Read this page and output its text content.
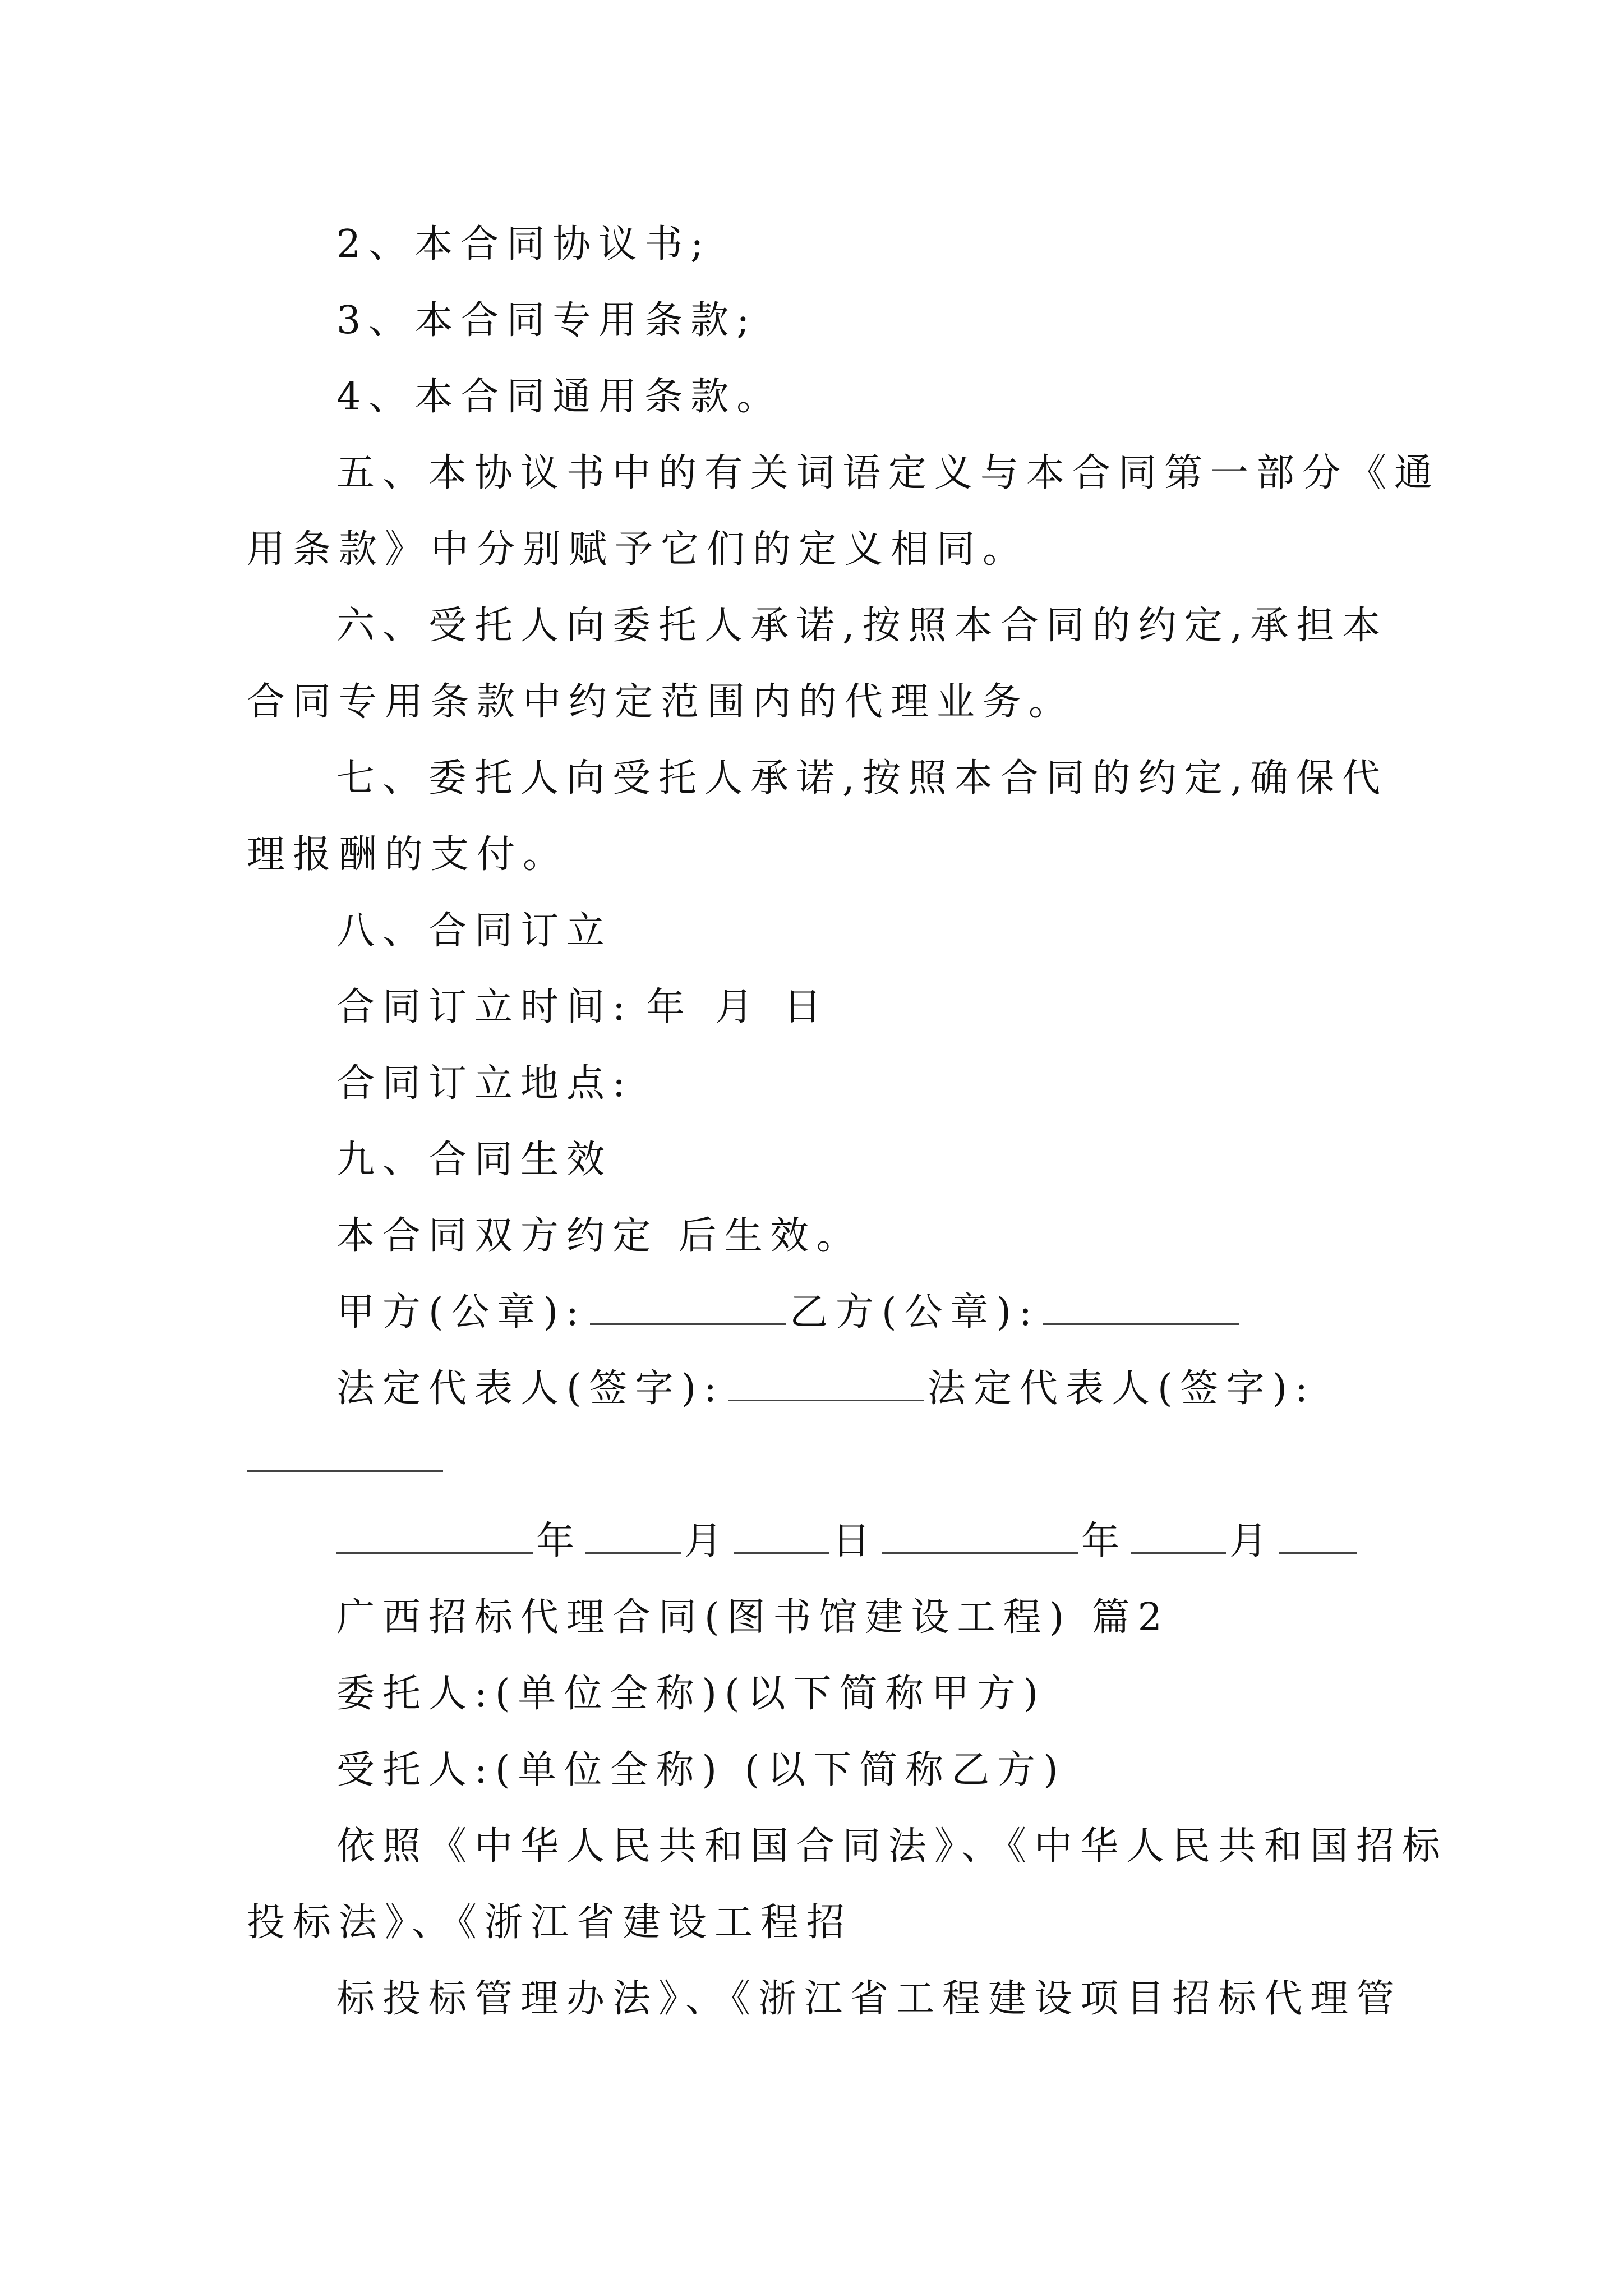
2、本合同协议书;
3、本合同专用条款;
4、本合同通用条款。
五、本协议书中的有关词语定义与本合同第一部分《通
用条款》中分别赋予它们的定义相同。
六、受托人向委托人承诺,按照本合同的约定,承担本
合同专用条款中约定范围内的代理业务。
七、委托人向受托人承诺,按照本合同的约定,确保代
理报酬的支付。
八、合同订立
合同订立时间: 年 月 日
合同订立地点:
九、合同生效
本合同双方约定 后生效。
甲方(公章):	乙方(公章):
法定代表人(签字):	法定代表人(签字):
年	月	日	年	月
广西招标代理合同(图书馆建设工程) 篇2
委托人:(单位全称)(以下简称甲方)
受托人:(单位全称) (以下简称乙方)
依照《中华人民共和国合同法》、《中华人民共和国招标
投标法》、《浙江省建设工程招
标投标管理办法》、《浙江省工程建设项目招标代理管
